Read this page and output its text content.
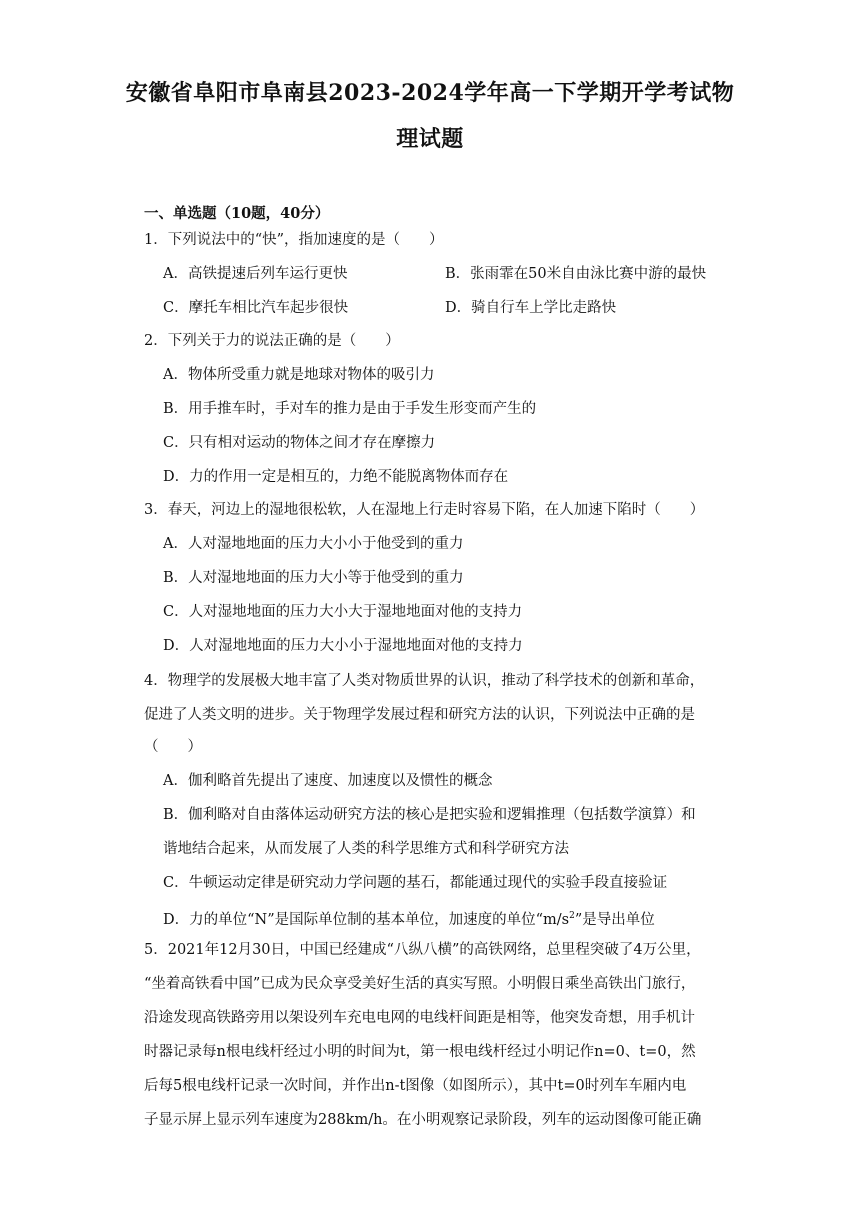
安徽省阜阳市阜南县2023-2024学年高一下学期开学考试物
理试题
一、单选题（10题，40分）
1．下列说法中的“快”，指加速度的是（　　）
A．高铁提速后列车运行更快	B．张雨霏在50米自由泳比赛中游的最快
C．摩托车相比汽车起步很快	D．骑自行车上学比走路快
2．下列关于力的说法正确的是（　　）
A．物体所受重力就是地球对物体的吸引力
B．用手推车时，手对车的推力是由于手发生形变而产生的
C．只有相对运动的物体之间才存在摩擦力
D．力的作用一定是相互的，力绝不能脱离物体而存在
3．春天，河边上的湿地很松软，人在湿地上行走时容易下陷，在人加速下陷时（　　）
A．人对湿地地面的压力大小小于他受到的重力
B．人对湿地地面的压力大小等于他受到的重力
C．人对湿地地面的压力大小大于湿地地面对他的支持力
D．人对湿地地面的压力大小小于湿地地面对他的支持力
4．物理学的发展极大地丰富了人类对物质世界的认识，推动了科学技术的创新和革命，
促进了人类文明的进步。关于物理学发展过程和研究方法的认识，下列说法中正确的是
（　　）
A．伽利略首先提出了速度、加速度以及惯性的概念
B．伽利略对自由落体运动研究方法的核心是把实验和逻辑推理（包括数学演算）和
谐地结合起来，从而发展了人类的科学思维方式和科学研究方法
C．牛顿运动定律是研究动力学问题的基石，都能通过现代的实验手段直接验证
D．力的单位“N”是国际单位制的基本单位，加速度的单位“$m/s^2$”是导出单位
5．2021年12月30日，中国已经建成“八纵八横”的高铁网络，总里程突破了4万公里，
“坐着高铁看中国”已成为民众享受美好生活的真实写照。小明假日乘坐高铁出门旅行，
沿途发现高铁路旁用以架设列车充电电网的电线杆间距是相等，他突发奇想，用手机计
时器记录每n根电线杆经过小明的时间为t，第一根电线杆经过小明记作n=0、t=0，然
后每5根电线杆记录一次时间，并作出n-t图像（如图所示），其中t=0时列车车厢内电
子显示屏上显示列车速度为288km/h。在小明观察记录阶段，列车的运动图像可能正确
